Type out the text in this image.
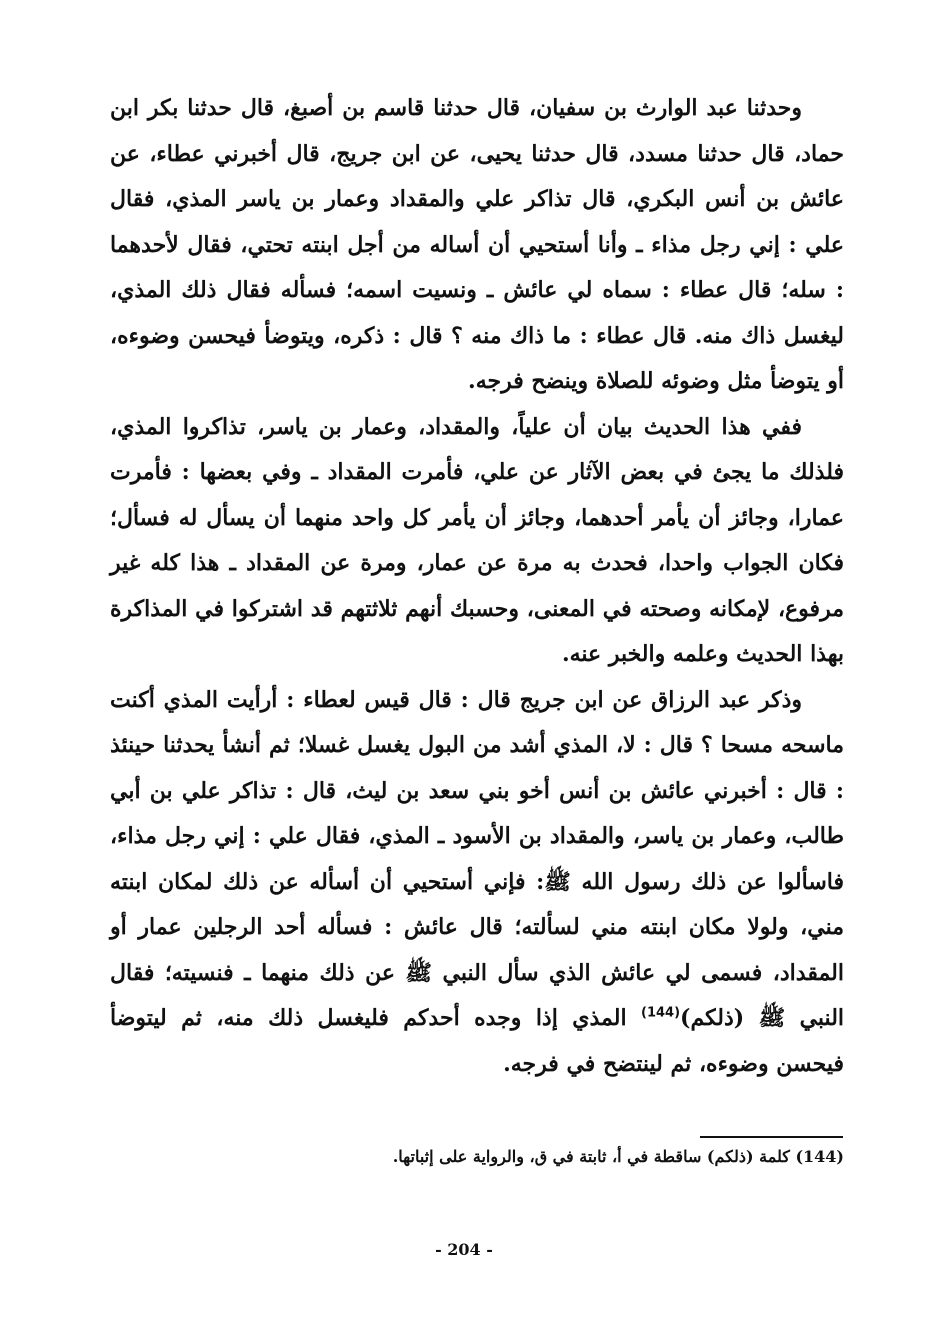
وحدثنا عبد الوارث بن سفيان، قال حدثنا قاسم بن أصبغ، قال حدثنا بكر ابن حماد، قال حدثنا مسدد، قال حدثنا يحيى، عن ابن جريج، قال أخبرني عطاء، عن عائش بن أنس البكري، قال تذاكر علي والمقداد وعمار بن ياسر المذي، فقال علي : إني رجل مذاء ـ وأنا أستحيي أن أساله من أجل ابنته تحتي، فقال لأحدهما : سله؛ قال عطاء : سماه لي عائش ـ ونسيت اسمه؛ فسأله فقال ذلك المذي، ليغسل ذاك منه. قال عطاء : ما ذاك منه ؟ قال : ذكره، ويتوضأ فيحسن وضوءه، أو يتوضأ مثل وضوئه للصلاة وينضح فرجه.

ففي هذا الحديث بيان أن علياً، والمقداد، وعمار بن ياسر، تذاكروا المذي، فلذلك ما يجئ في بعض الآثار عن علي، فأمرت المقداد ـ وفي بعضها : فأمرت عمارا، وجائز أن يأمر أحدهما، وجائز أن يأمر كل واحد منهما أن يسأل له فسأل؛ فكان الجواب واحدا، فحدث به مرة عن عمار، ومرة عن المقداد ـ هذا كله غير مرفوع، لإمكانه وصحته في المعنى، وحسبك أنهم ثلاثتهم قد اشتركوا في المذاكرة بهذا الحديث وعلمه والخبر عنه.

وذكر عبد الرزاق عن ابن جريج قال : قال قيس لعطاء : أرأيت المذي أكنت ماسحه مسحا ؟ قال : لا، المذي أشد من البول يغسل غسلا؛ ثم أنشأ يحدثنا حينئذ : قال : أخبرني عائش بن أنس أخو بني سعد بن ليث، قال : تذاكر علي بن أبي طالب، وعمار بن ياسر، والمقداد بن الأسود ـ المذي، فقال علي : إني رجل مذاء، فاسألوا عن ذلك رسول الله ﷺ: فإني أستحيي أن أسأله عن ذلك لمكان ابنته مني، ولولا مكان ابنته مني لسألته؛ قال عائش : فسأله أحد الرجلين عمار أو المقداد، فسمى لي عائش الذي سأل النبي ﷺ عن ذلك منهما ـ فنسيته؛ فقال النبي ﷺ (ذلكم)$^{(144)}$ المذي إذا وجده أحدكم فليغسل ذلك منه، ثم ليتوضأ فيحسن وضوءه، ثم لينتضح في فرجه.

(144) كلمة (ذلكم) ساقطة في أ، ثابتة في ق، والرواية على إثباتها.
- 204 -
